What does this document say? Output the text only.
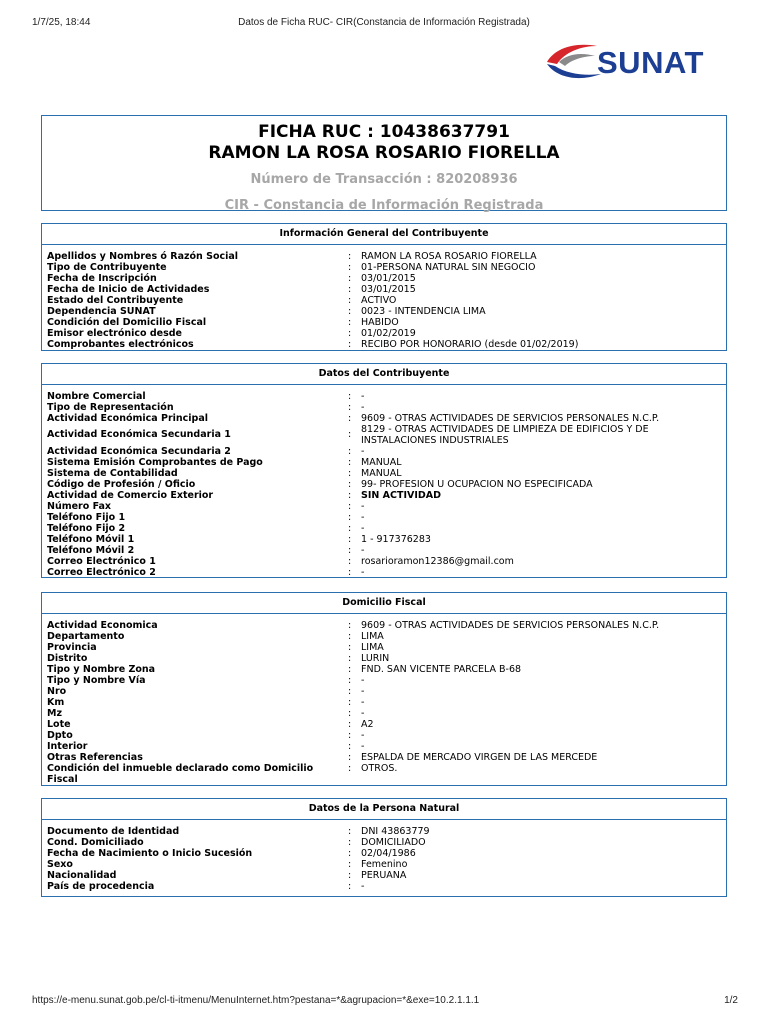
1/7/25, 18:44	Datos de Ficha RUC- CIR(Constancia de Información Registrada)
SUNAT
FICHA RUC : 10438637791
RAMON LA ROSA ROSARIO FIORELLA
Número de Transacción : 820208936
CIR - Constancia de Información Registrada
Información General del Contribuyente
Apellidos y Nombres ó Razón Social	: RAMON LA ROSA ROSARIO FIORELLA
Tipo de Contribuyente	: 01-PERSONA NATURAL SIN NEGOCIO
Fecha de Inscripción	: 03/01/2015
Fecha de Inicio de Actividades	: 03/01/2015
Estado del Contribuyente	: ACTIVO
Dependencia SUNAT	: 0023 - INTENDENCIA LIMA
Condición del Domicilio Fiscal	: HABIDO
Emisor electrónico desde	: 01/02/2019
Comprobantes electrónicos	: RECIBO POR HONORARIO (desde 01/02/2019)
Datos del Contribuyente
Nombre Comercial	: -
Tipo de Representación	: -
Actividad Económica Principal	: 9609 - OTRAS ACTIVIDADES DE SERVICIOS PERSONALES N.C.P.
Actividad Económica Secundaria 1	: 8129 - OTRAS ACTIVIDADES DE LIMPIEZA DE EDIFICIOS Y DE INSTALACIONES INDUSTRIALES
Actividad Económica Secundaria 2	: -
Sistema Emisión Comprobantes de Pago	: MANUAL
Sistema de Contabilidad	: MANUAL
Código de Profesión / Oficio	: 99- PROFESION U OCUPACION NO ESPECIFICADA
Actividad de Comercio Exterior	: SIN ACTIVIDAD
Número Fax	: -
Teléfono Fijo 1	: -
Teléfono Fijo 2	: -
Teléfono Móvil 1	: 1 - 917376283
Teléfono Móvil 2	: -
Correo Electrónico 1	: rosarioramon12386@gmail.com
Correo Electrónico 2	: -
Domicilio Fiscal
Actividad Economica	: 9609 - OTRAS ACTIVIDADES DE SERVICIOS PERSONALES N.C.P.
Departamento	: LIMA
Provincia	: LIMA
Distrito	: LURIN
Tipo y Nombre Zona	: FND. SAN VICENTE PARCELA B-68
Tipo y Nombre Vía	: -
Nro	: -
Km	: -
Mz	: -
Lote	: A2
Dpto	: -
Interior	: -
Otras Referencias	: ESPALDA DE MERCADO VIRGEN DE LAS MERCEDE
Condición del inmueble declarado como Domicilio Fiscal
: OTROS.
Datos de la Persona Natural
Documento de Identidad	: DNI 43863779
Cond. Domiciliado	: DOMICILIADO
Fecha de Nacimiento o Inicio Sucesión	: 02/04/1986
Sexo	: Femenino
Nacionalidad	: PERUANA
País de procedencia	: -
https://e-menu.sunat.gob.pe/cl-ti-itmenu/MenuInternet.htm?pestana=*&agrupacion=*&exe=10.2.1.1.1	1/2
